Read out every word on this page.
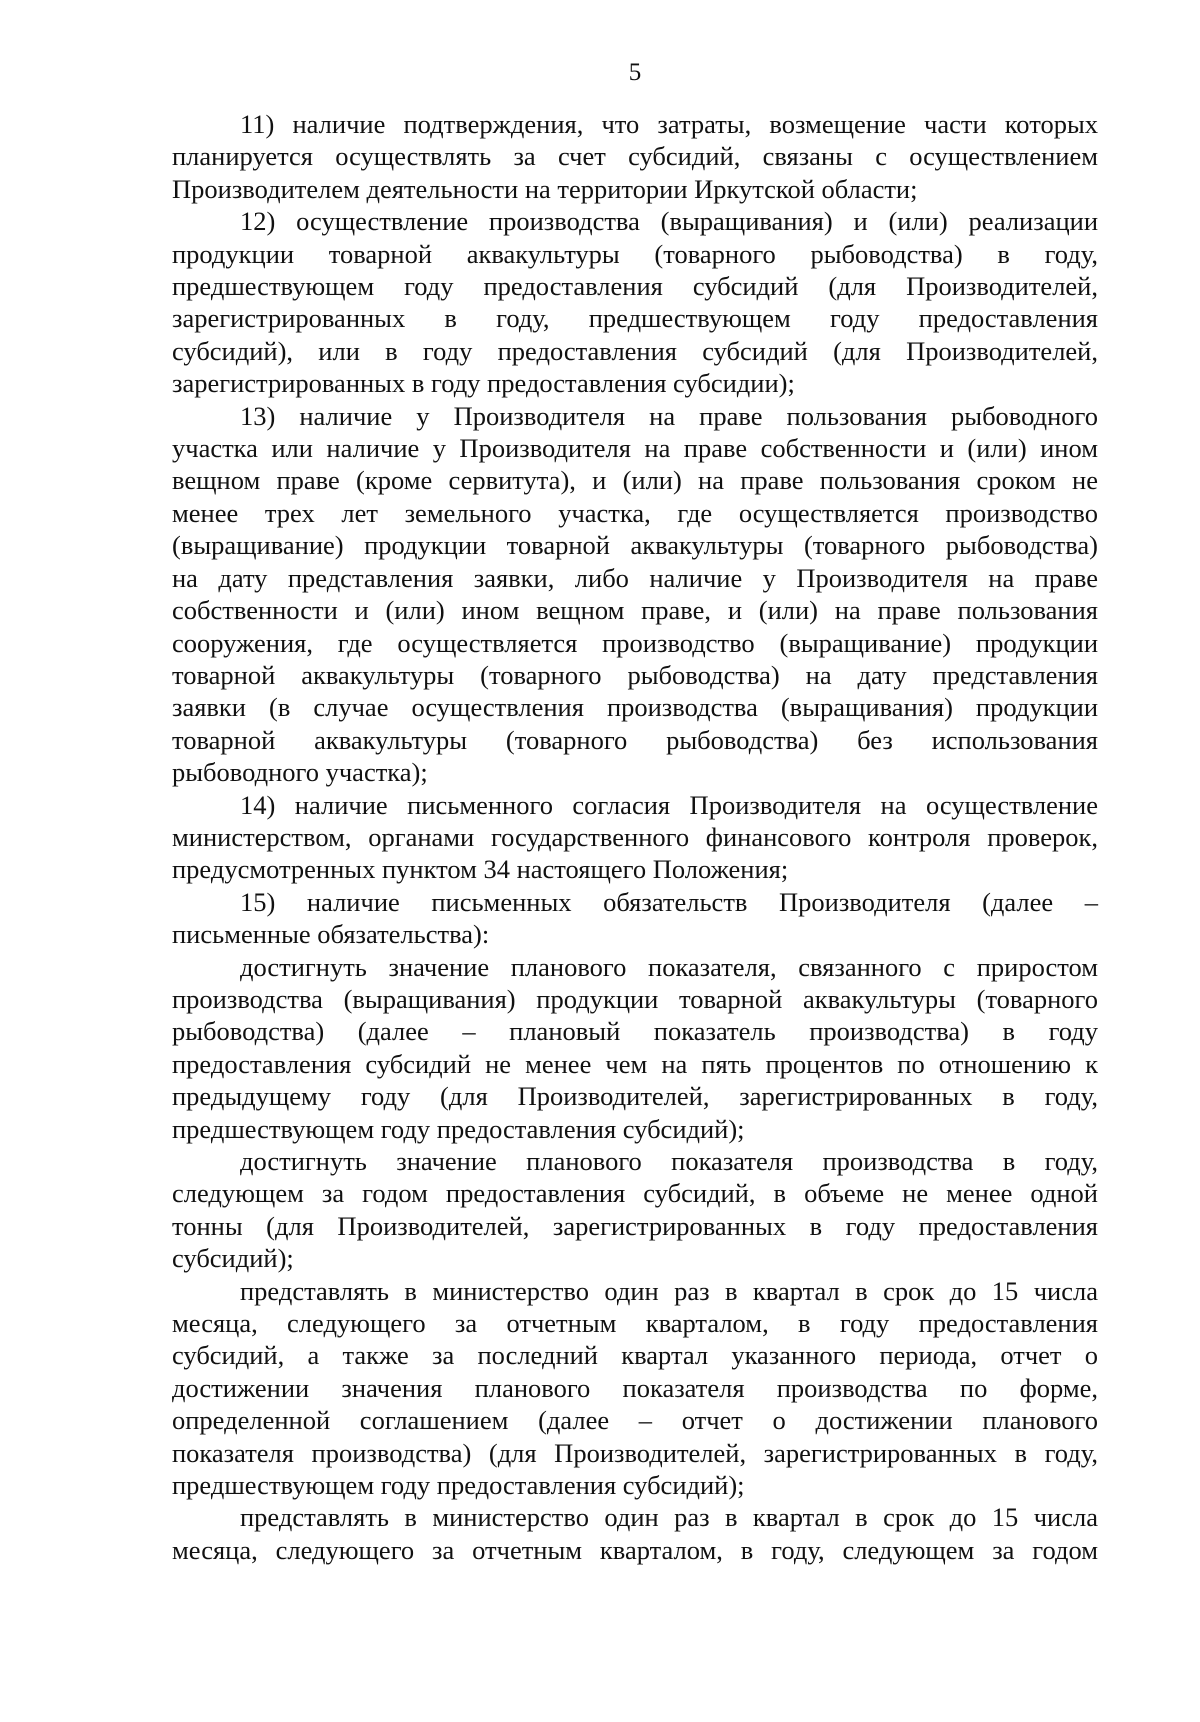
5

11) наличие подтверждения, что затраты, возмещение части которых
планируется осуществлять за счет субсидий, связаны с осуществлением
Производителем деятельности на территории Иркутской области;

12) осуществление производства (выращивания) и (или) реализации
продукции товарной аквакультуры (товарного рыбоводства) в году,
предшествующем году предоставления субсидий (для Производителей,
зарегистрированных в году, предшествующем году предоставления
субсидий), или в году предоставления субсидий (для Производителей,
зарегистрированных в году предоставления субсидии);

13) наличие у Производителя на праве пользования рыбоводного
участка или наличие у Производителя на праве собственности и (или) ином
вещном праве (кроме сервитута), и (или) на праве пользования сроком не
менее трех лет земельного участка, где осуществляется производство
(выращивание) продукции товарной аквакультуры (товарного рыбоводства)
на дату представления заявки, либо наличие у Производителя на праве
собственности и (или) ином вещном праве, и (или) на праве пользования
сооружения, где осуществляется производство (выращивание) продукции
товарной аквакультуры (товарного рыбоводства) на дату представления
заявки (в случае осуществления производства (выращивания) продукции
товарной аквакультуры (товарного рыбоводства) без использования
рыбоводного участка);

14) наличие письменного согласия Производителя на осуществление
министерством, органами государственного финансового контроля проверок,
предусмотренных пунктом 34 настоящего Положения;

15) наличие письменных обязательств Производителя (далее –
письменные обязательства):

достигнуть значение планового показателя, связанного с приростом
производства (выращивания) продукции товарной аквакультуры (товарного
рыбоводства) (далее – плановый показатель производства) в году
предоставления субсидий не менее чем на пять процентов по отношению к
предыдущему году (для Производителей, зарегистрированных в году,
предшествующем году предоставления субсидий);

достигнуть значение планового показателя производства в году,
следующем за годом предоставления субсидий, в объеме не менее одной
тонны (для Производителей, зарегистрированных в году предоставления
субсидий);

представлять в министерство один раз в квартал в срок до 15 числа
месяца, следующего за отчетным кварталом, в году предоставления
субсидий, а также за последний квартал указанного периода, отчет о
достижении значения планового показателя производства по форме,
определенной соглашением (далее – отчет о достижении планового
показателя производства) (для Производителей, зарегистрированных в году,
предшествующем году предоставления субсидий);

представлять в министерство один раз в квартал в срок до 15 числа
месяца, следующего за отчетным кварталом, в году, следующем за годом
